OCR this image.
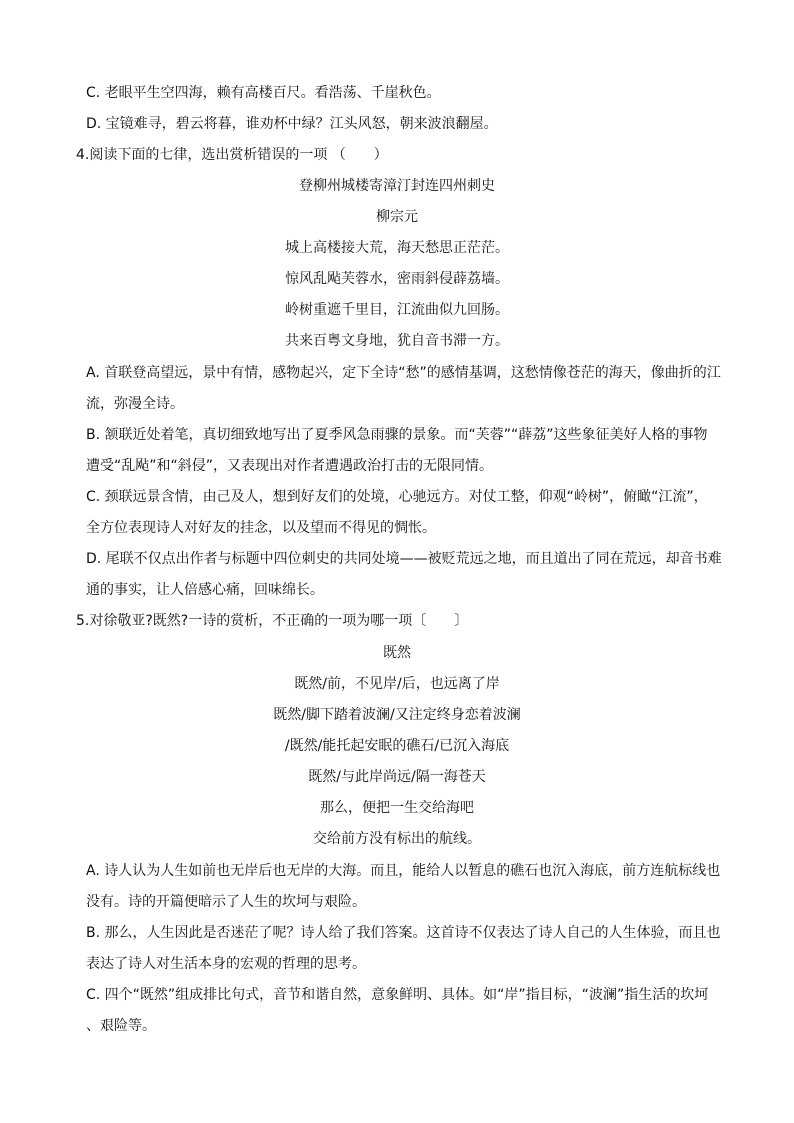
C. 老眼平生空四海，赖有高楼百尺。看浩荡、千崖秋色。
D. 宝镜难寻，碧云将暮，谁劝杯中绿？江头风怒，朝来波浪翻屋。
4.阅读下面的七律，选出赏析错误的一项 （　　）
登柳州城楼寄漳汀封连四州刺史
柳宗元
城上高楼接大荒，海天愁思正茫茫。
惊风乱飐芙蓉水，密雨斜侵薜荔墙。
岭树重遮千里目，江流曲似九回肠。
共来百粤文身地，犹自音书滞一方。
A. 首联登高望远，景中有情，感物起兴，定下全诗“愁”的感情基调，这愁情像苍茫的海天，像曲折的江
流，弥漫全诗。
B. 颔联近处着笔，真切细致地写出了夏季风急雨骤的景象。而“芙蓉”“薜荔”这些象征美好人格的事物
遭受“乱飐”和“斜侵”，又表现出对作者遭遇政治打击的无限同情。
C. 颈联远景含情，由己及人，想到好友们的处境，心驰远方。对仗工整，仰观“岭树”，俯瞰“江流”，
全方位表现诗人对好友的挂念，以及望而不得见的惆怅。
D. 尾联不仅点出作者与标题中四位刺史的共同处境——被贬荒远之地，而且道出了同在荒远，却音书难
通的事实，让人倍感心痛，回味绵长。
5.对徐敬亚?既然?一诗的赏析，不正确的一项为哪一项〔　　〕
既然
既然/前，不见岸/后，也远离了岸
既然/脚下踏着波澜/又注定终身恋着波澜
/既然/能托起安眠的礁石/已沉入海底
既然/与此岸尚远/隔一海苍天
那么，便把一生交给海吧
交给前方没有标出的航线。
A. 诗人认为人生如前也无岸后也无岸的大海。而且，能给人以暂息的礁石也沉入海底，前方连航标线也
没有。诗的开篇便暗示了人生的坎坷与艰险。
B. 那么，人生因此是否迷茫了呢？诗人给了我们答案。这首诗不仅表达了诗人自己的人生体验，而且也
表达了诗人对生活本身的宏观的哲理的思考。
C. 四个“既然”组成排比句式，音节和谐自然，意象鲜明、具体。如“岸”指目标，“波澜”指生活的坎坷
、艰险等。
